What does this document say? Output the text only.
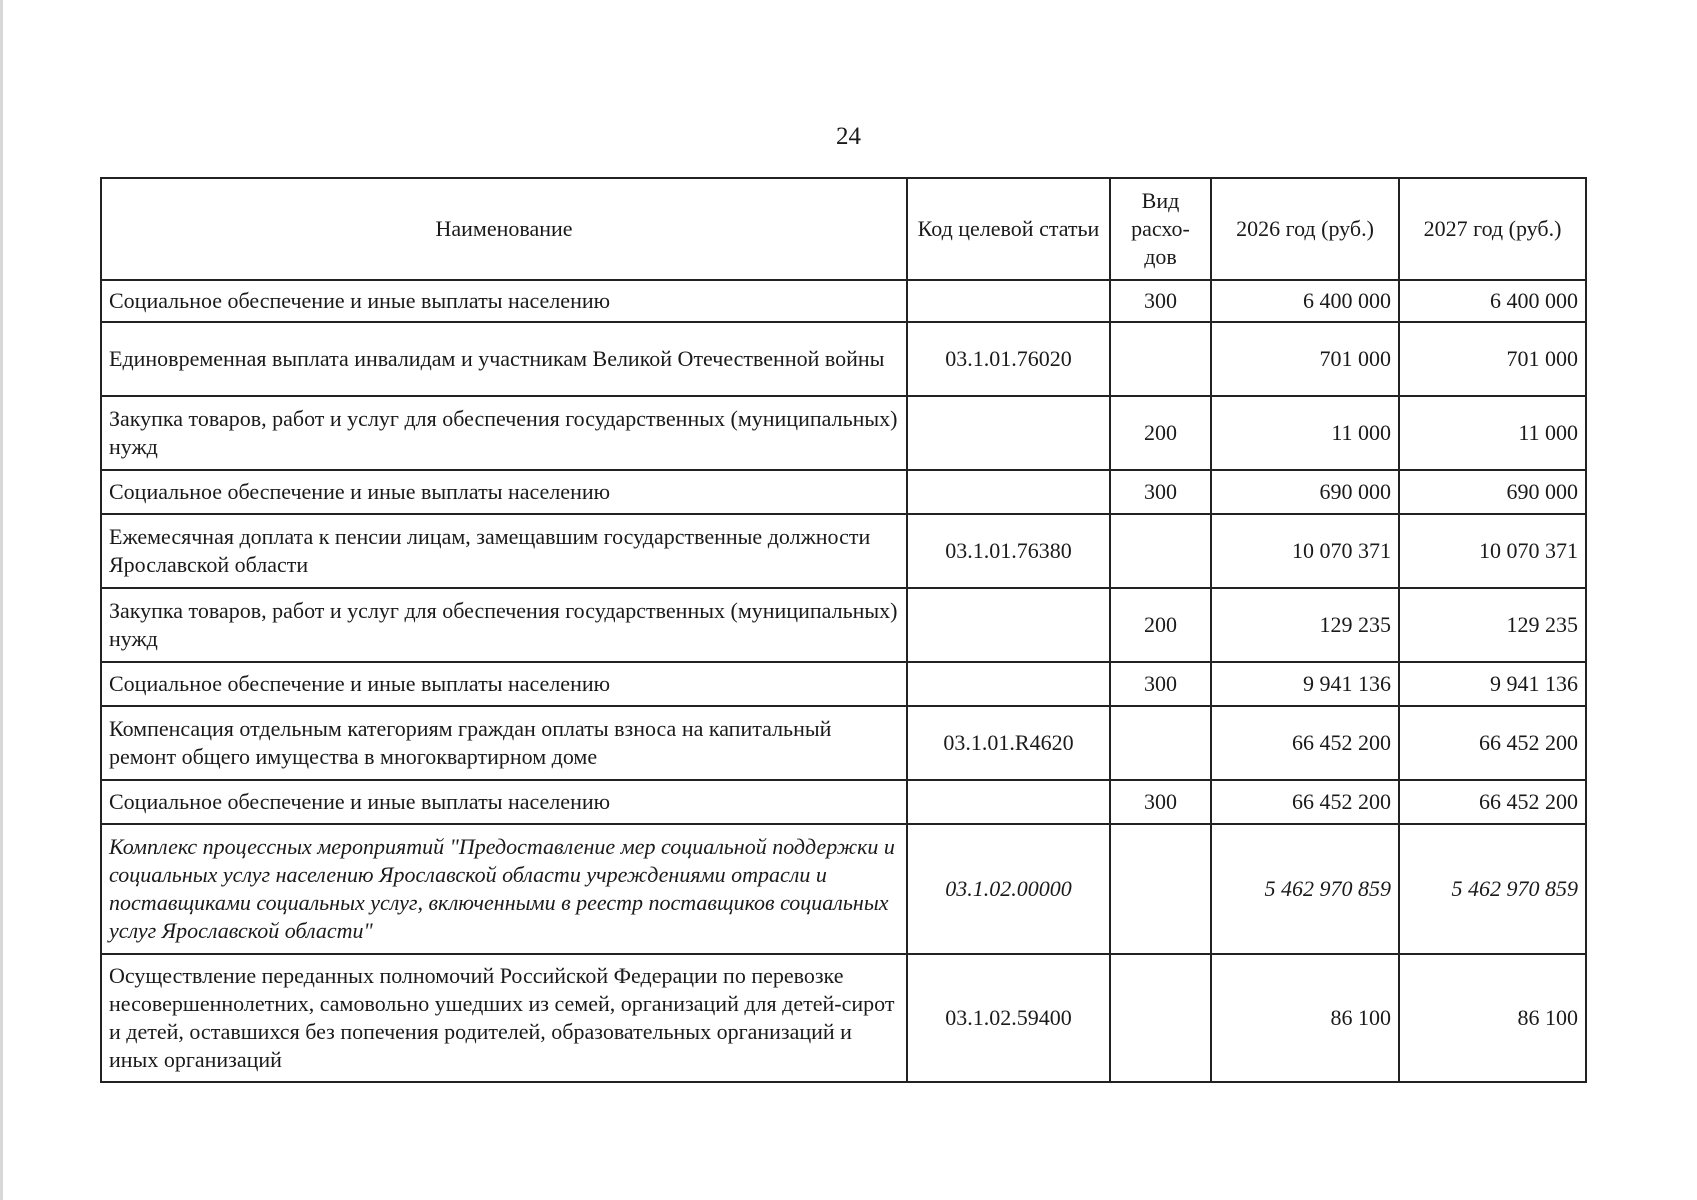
24
Наименование	Код целевой статьи	Вид расхо-дов	2026 год (руб.)	2027 год (руб.)
Социальное обеспечение и иные выплаты населению		300	6 400 000	6 400 000
Единовременная выплата инвалидам и участникам Великой Отечественной войны	03.1.01.76020		701 000	701 000
Закупка товаров, работ и услуг для обеспечения государственных (муниципальных) нужд		200	11 000	11 000
Социальное обеспечение и иные выплаты населению		300	690 000	690 000
Ежемесячная доплата к пенсии лицам, замещавшим государственные должности Ярославской области	03.1.01.76380		10 070 371	10 070 371
Закупка товаров, работ и услуг для обеспечения государственных (муниципальных) нужд		200	129 235	129 235
Социальное обеспечение и иные выплаты населению		300	9 941 136	9 941 136
Компенсация отдельным категориям граждан оплаты взноса на капитальный ремонт общего имущества в многоквартирном доме	03.1.01.R4620		66 452 200	66 452 200
Социальное обеспечение и иные выплаты населению		300	66 452 200	66 452 200
Комплекс процессных мероприятий "Предоставление мер социальной поддержки и социальных услуг населению Ярославской области учреждениями отрасли и поставщиками социальных услуг, включенными в реестр поставщиков социальных услуг Ярославской области"	03.1.02.00000		5 462 970 859	5 462 970 859
Осуществление переданных полномочий Российской Федерации по перевозке несовершеннолетних, самовольно ушедших из семей, организаций для детей-сирот и детей, оставшихся без попечения родителей, образовательных организаций и иных организаций	03.1.02.59400		86 100	86 100
